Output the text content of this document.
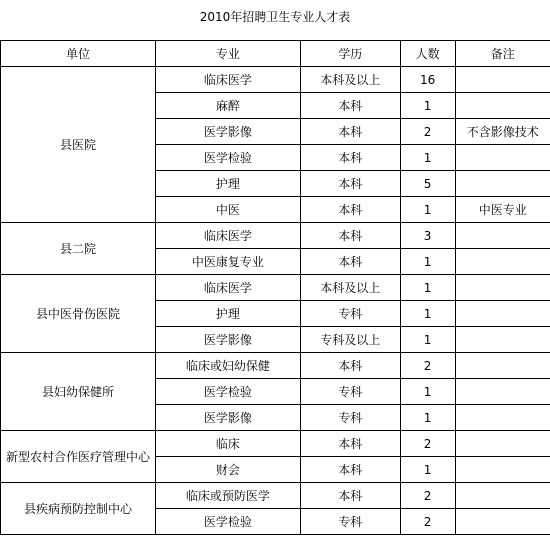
2010年招聘卫生专业人才表
单位	专业	学历	人数	备注
县医院	临床医学	本科及以上	16	
	麻醉	本科	1	
	医学影像	本科	2	不含影像技术
	医学检验	本科	1	
	护理	本科	5	
	中医	本科	1	中医专业
县二院	临床医学	本科	3	
	中医康复专业	本科	1	
县中医骨伤医院	临床医学	本科及以上	1	
	护理	专科	1	
	医学影像	专科及以上	1	
县妇幼保健所	临床或妇幼保健	本科	2	
	医学检验	专科	1	
	医学影像	专科	1	
新型农村合作医疗管理中心	临床	本科	2	
	财会	本科	1	
县疾病预防控制中心	临床或预防医学	本科	2	
	医学检验	专科	2	
